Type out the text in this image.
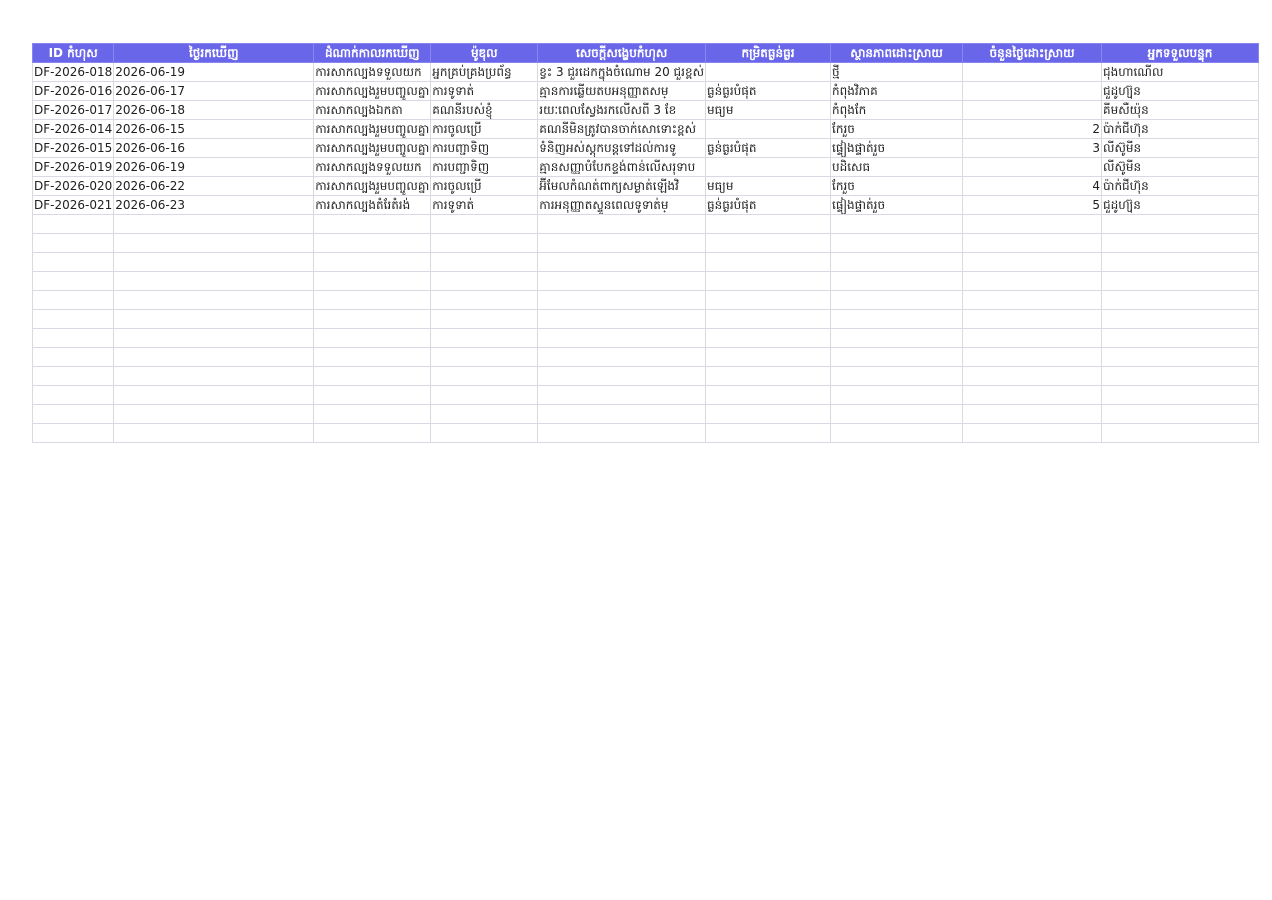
ID កំហុស	ថ្ងៃរកឃើញ	ដំណាក់កាលរកឃើញ	ម៉ូឌុល	សេចក្តីសង្ខេបកំហុស	កម្រិតធ្ងន់ធ្ងរ	ស្ថានភាពដោះស្រាយ	ចំនួនថ្ងៃដោះស្រាយ	អ្នកទទួលបន្ទុក
DF-2026-018	2026-06-19	ការសាកល្បងទទួលយក	អ្នកគ្រប់គ្រងប្រព័ន្ធ	ខ្វះ 3 ជួរដេកក្នុងចំណោម 20 ជួរខ្ពស់		ថ្មី		ជុងហាណើល
DF-2026-016	2026-06-17	ការសាកល្បងរួមបញ្ចូលគ្នា	ការទូទាត់	គ្មានការឆ្លើយតបអនុញ្ញាតសម្	ធ្ងន់ធ្ងរបំផុត	កំពុងវិភាគ		ជួដូហ្យ៊ុន
DF-2026-017	2026-06-18	ការសាកល្បងឯកតា	គណនីរបស់ខ្ញុំ	រយៈពេលស្វែងរកលើសពី 3 ខែ	មធ្យម	កំពុងកែ		គីមសឺយ៉ុន
DF-2026-014	2026-06-15	ការសាកល្បងរួមបញ្ចូលគ្នា	ការចូលប្រើ	គណនីមិនត្រូវបានចាក់សោទោះខ្ពស់		កែរួច	2	ប៉ាក់ជីហ៊ុន
DF-2026-015	2026-06-16	ការសាកល្បងរួមបញ្ចូលគ្នា	ការបញ្ជាទិញ	ទំនិញអស់ស្តុកបន្តទៅដល់ការទូ	ធ្ងន់ធ្ងរបំផុត	ផ្ទៀងផ្ទាត់រួច	3	លីស៊ូមីន
DF-2026-019	2026-06-19	ការសាកល្បងទទួលយក	ការបញ្ជាទិញ	គ្មានសញ្ញាបំបែកខ្ទង់ពាន់លើសរុទាប		បដិសេធ		លីស៊ូមីន
DF-2026-020	2026-06-22	ការសាកល្បងរួមបញ្ចូលគ្នា	ការចូលប្រើ	អ៊ីមែលកំណត់ពាក្យសម្ងាត់ឡើងវិ	មធ្យម	កែរួច	4	ប៉ាក់ជីហ៊ុន
DF-2026-021	2026-06-23	ការសាកល្បងតំរែតំរង់	ការទូទាត់	ការអនុញ្ញាតស្ទួនពេលទូទាត់ម្	ធ្ងន់ធ្ងរបំផុត	ផ្ទៀងផ្ទាត់រួច	5	ជួដូហ្យ៊ុន
